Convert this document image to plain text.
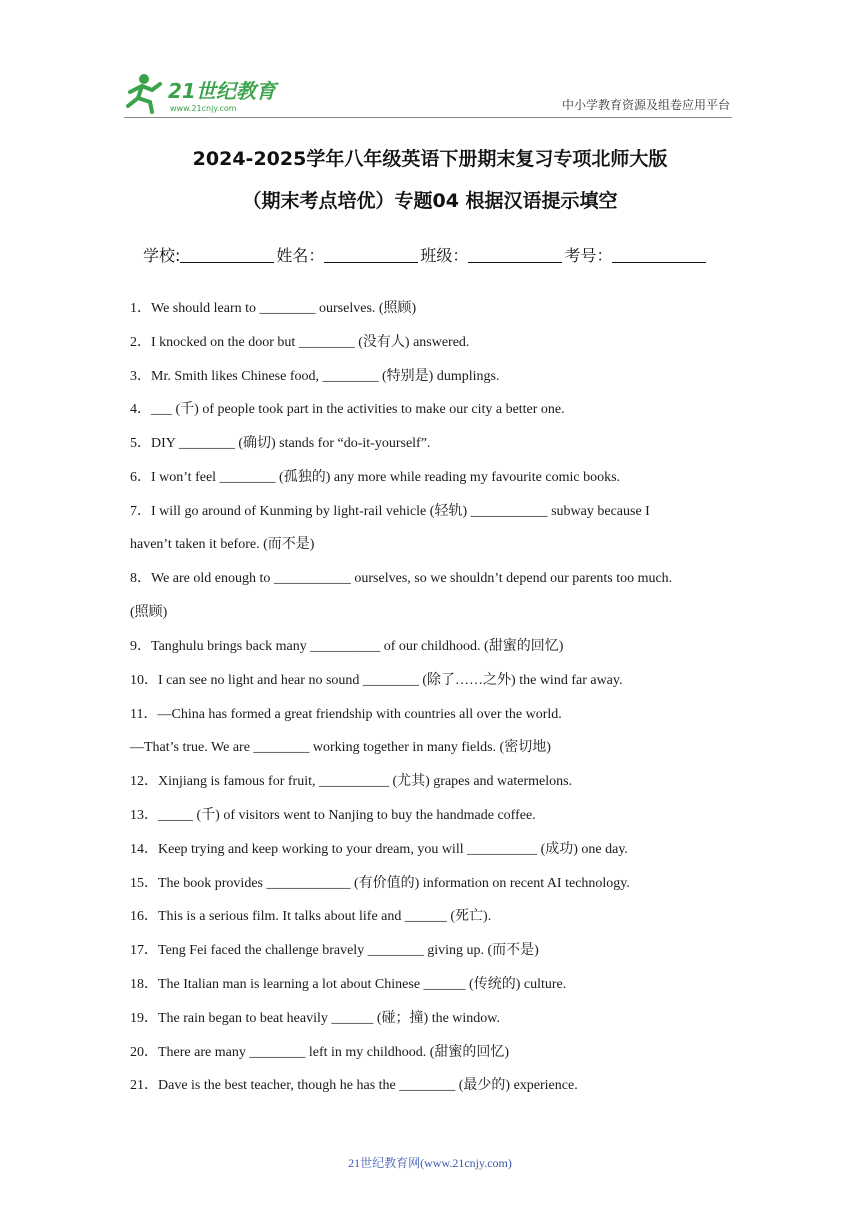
21世纪教育
www.21cnjy.com	中小学教育资源及组卷应用平台
2024-2025学年八年级英语下册期末复习专项北师大版
（期末考点培优）专题04 根据汉语提示填空
学校:	姓名：	班级：	考号：
1．We should learn to ________ ourselves. (照顾)
2．I knocked on the door but ________ (没有人) answered.
3．Mr. Smith likes Chinese food, ________ (特别是) dumplings.
4．___ (千) of people took part in the activities to make our city a better one.
5．DIY ________ (确切) stands for “do-it-yourself”.
6．I won’t feel ________ (孤独的) any more while reading my favourite comic books.
7．I will go around of Kunming by light-rail vehicle (轻轨) ___________ subway because I
haven’t taken it before. (而不是)
8．We are old enough to ___________ ourselves, so we shouldn’t depend our parents too much.
(照顾)
9．Tanghulu brings back many __________ of our childhood. (甜蜜的回忆)
10．I can see no light and hear no sound ________ (除了……之外) the wind far away.
11．—China has formed a great friendship with countries all over the world.
—That’s true. We are ________ working together in many fields. (密切地)
12．Xinjiang is famous for fruit, __________ (尤其) grapes and watermelons.
13．_____ (千) of visitors went to Nanjing to buy the handmade coffee.
14．Keep trying and keep working to your dream, you will __________ (成功) one day.
15．The book provides ____________ (有价值的) information on recent AI technology.
16．This is a serious film. It talks about life and ______ (死亡).
17．Teng Fei faced the challenge bravely ________ giving up. (而不是)
18．The Italian man is learning a lot about Chinese ______ (传统的) culture.
19．The rain began to beat heavily ______ (碰；撞) the window.
20．There are many ________ left in my childhood. (甜蜜的回忆)
21．Dave is the best teacher, though he has the ________ (最少的) experience.
21世纪教育网(www.21cnjy.com)
